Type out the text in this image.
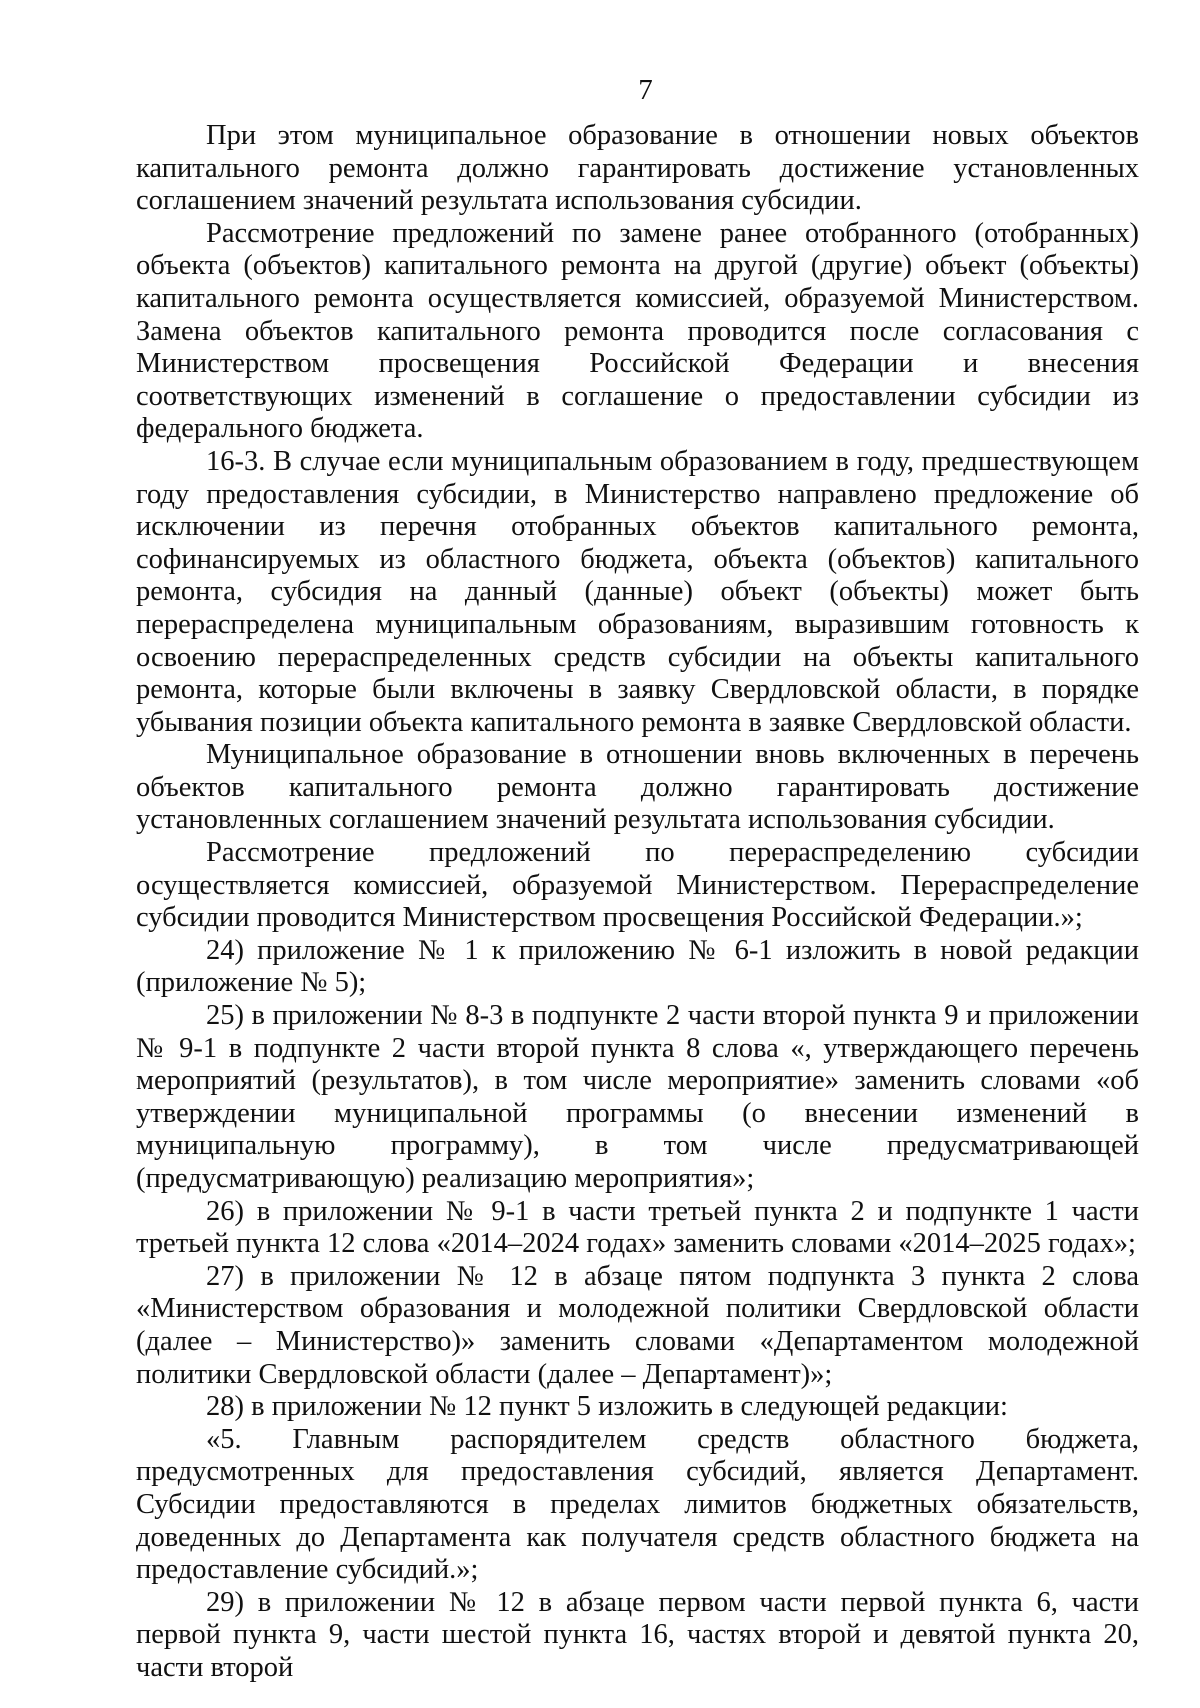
7

При этом муниципальное образование в отношении новых объектов капитального ремонта должно гарантировать достижение установленных соглашением значений результата использования субсидии.

Рассмотрение предложений по замене ранее отобранного (отобранных) объекта (объектов) капитального ремонта на другой (другие) объект (объекты) капитального ремонта осуществляется комиссией, образуемой Министерством. Замена объектов капитального ремонта проводится после согласования с Министерством просвещения Российской Федерации и внесения соответствующих изменений в соглашение о предоставлении субсидии из федерального бюджета.

16-3. В случае если муниципальным образованием в году, предшествующем году предоставления субсидии, в Министерство направлено предложение об исключении из перечня отобранных объектов капитального ремонта, софинансируемых из областного бюджета, объекта (объектов) капитального ремонта, субсидия на данный (данные) объект (объекты) может быть перераспределена муниципальным образованиям, выразившим готовность к освоению перераспределенных средств субсидии на объекты капитального ремонта, которые были включены в заявку Свердловской области, в порядке убывания позиции объекта капитального ремонта в заявке Свердловской области.

Муниципальное образование в отношении вновь включенных в перечень объектов капитального ремонта должно гарантировать достижение установленных соглашением значений результата использования субсидии.

Рассмотрение предложений по перераспределению субсидии осуществляется комиссией, образуемой Министерством. Перераспределение субсидии проводится Министерством просвещения Российской Федерации.»;

24) приложение № 1 к приложению № 6-1 изложить в новой редакции (приложение № 5);

25) в приложении № 8-3 в подпункте 2 части второй пункта 9 и приложении № 9-1 в подпункте 2 части второй пункта 8 слова «, утверждающего перечень мероприятий (результатов), в том числе мероприятие» заменить словами «об утверждении муниципальной программы (о внесении изменений в муниципальную программу), в том числе предусматривающей (предусматривающую) реализацию мероприятия»;

26) в приложении № 9-1 в части третьей пункта 2 и подпункте 1 части третьей пункта 12 слова «2014–2024 годах» заменить словами «2014–2025 годах»;

27) в приложении № 12 в абзаце пятом подпункта 3 пункта 2 слова «Министерством образования и молодежной политики Свердловской области (далее – Министерство)» заменить словами «Департаментом молодежной политики Свердловской области (далее – Департамент)»;

28) в приложении № 12 пункт 5 изложить в следующей редакции:

«5. Главным распорядителем средств областного бюджета, предусмотренных для предоставления субсидий, является Департамент. Субсидии предоставляются в пределах лимитов бюджетных обязательств, доведенных до Департамента как получателя средств областного бюджета на предоставление субсидий.»;

29) в приложении № 12 в абзаце первом части первой пункта 6, части первой пункта 9, части шестой пункта 16, частях второй и девятой пункта 20, части второй
